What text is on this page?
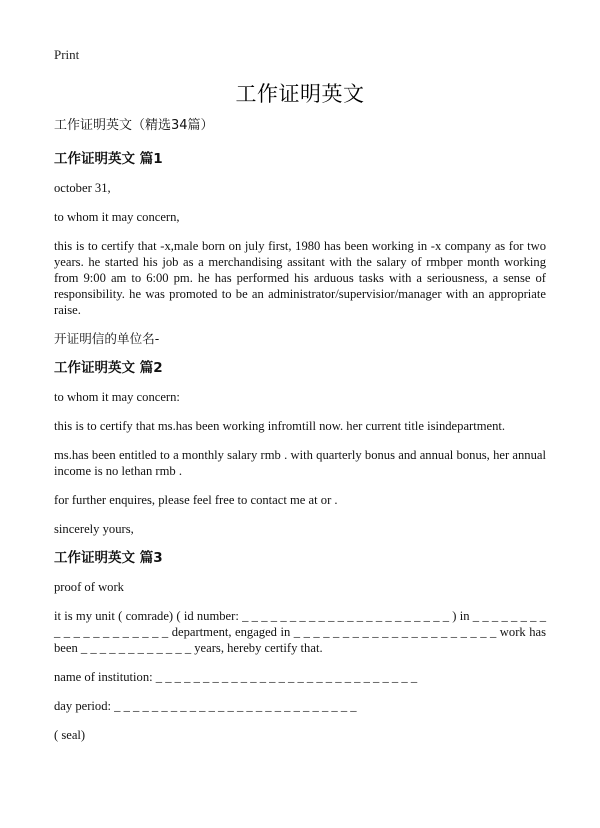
Print
工作证明英文

工作证明英文（精选34篇）

工作证明英文 篇1

october 31,

to whom it may concern,

this is to certify that -x,male born on july first, 1980 has been working in -x company as for two years. he started his job as a merchandising assitant with the salary of rmbper month working from 9:00 am to 6:00 pm. he has performed his arduous tasks with a seriousness, a sense of responsibility. he was promoted to be an administrator/supervisior/manager with an appropriate raise.

开证明信的单位名-

工作证明英文 篇2

to whom it may concern:

this is to certify that ms.has been working infromtill now. her current title isindepartment.

ms.has been entitled to a monthly salary rmb . with quarterly bonus and annual bonus, her annual income is no lethan rmb .

for further enquires, please feel free to contact me at or .

sincerely yours,

工作证明英文 篇3

proof of work

it is my unit ( comrade) ( id number: _ _ _ _ _ _ _ _ _ _ _ _ _ _ _ _ _ _ _ _ _ _ ) in _ _ _ _ _ _ _ _ _ _ _ _ _ _ _ _ _ _ _ _ department, engaged in _ _ _ _ _ _ _ _ _ _ _ _ _ _ _ _ _ _ _ _ _ work has been _ _ _ _ _ _ _ _ _ _ _ _ years, hereby certify that.

name of institution: _ _ _ _ _ _ _ _ _ _ _ _ _ _ _ _ _ _ _ _ _ _ _ _ _ _ _ _

day period: _ _ _ _ _ _ _ _ _ _ _ _ _ _ _ _ _ _ _ _ _ _ _ _ _ _

( seal)
